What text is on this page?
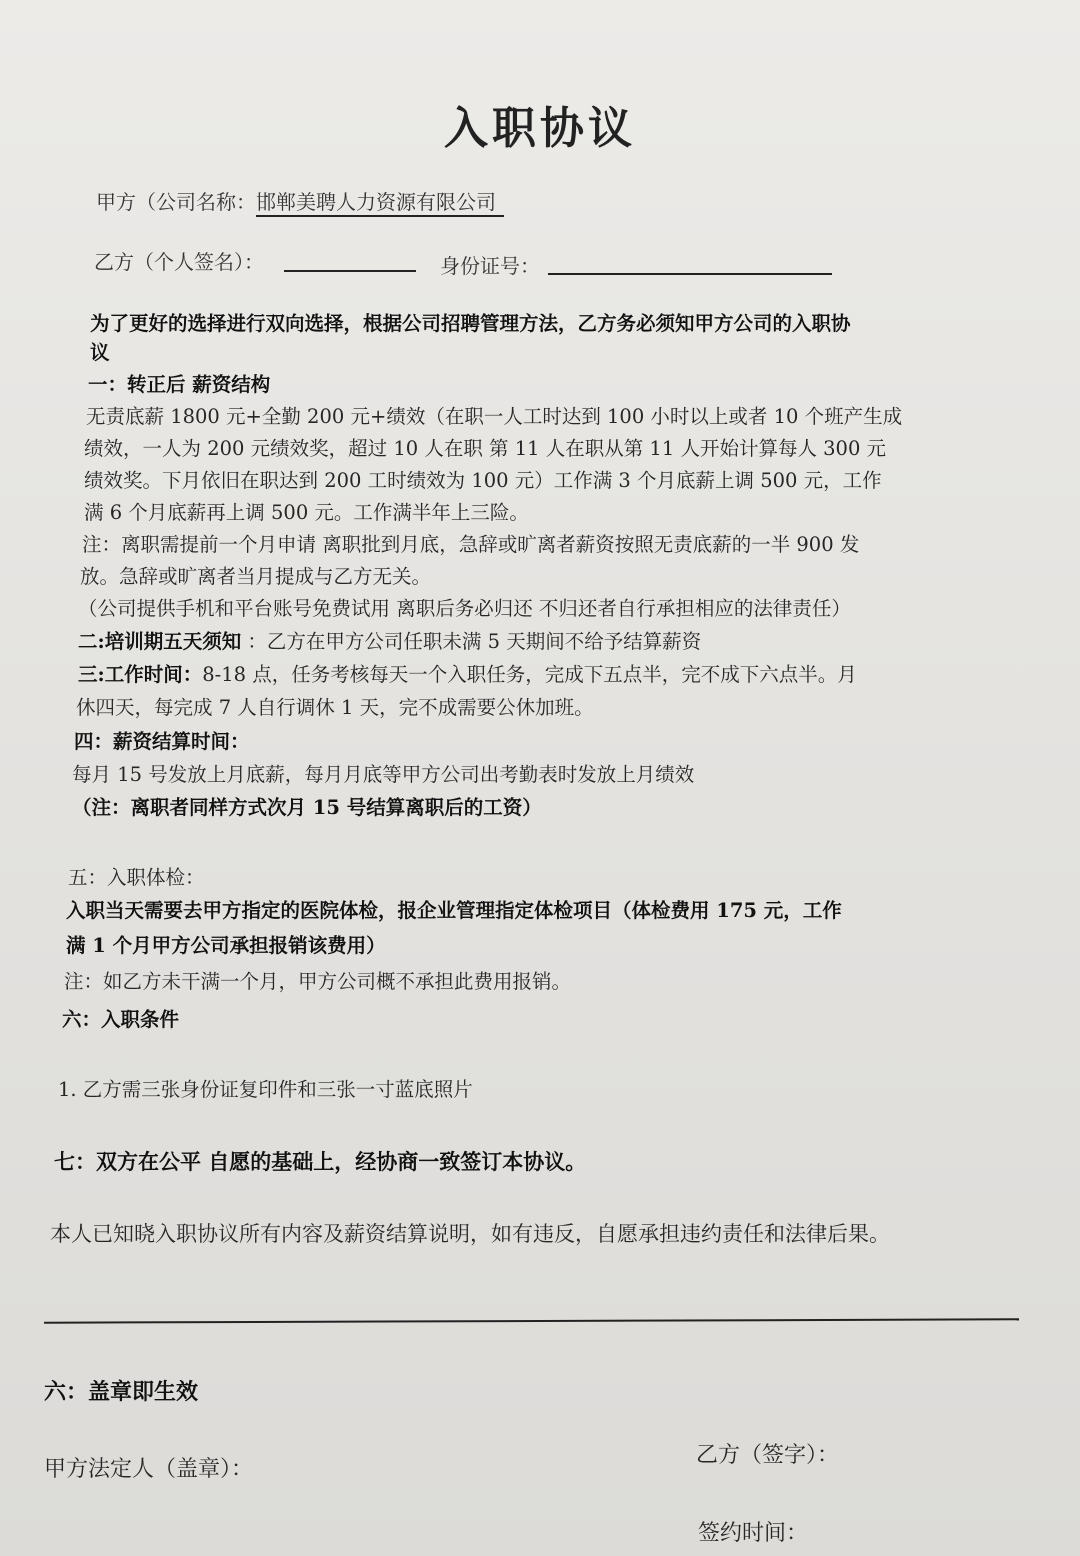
入职协议
甲方（公司名称：邯郸美聘人力资源有限公司
乙方（个人签名）：	身份证号：
为了更好的选择进行双向选择，根据公司招聘管理方法，乙方务必须知甲方公司的入职协
议
一：转正后 薪资结构
无责底薪 1800 元+全勤 200 元+绩效（在职一人工时达到 100 小时以上或者 10 个班产生成
绩效，一人为 200 元绩效奖，超过 10 人在职 第 11 人在职从第 11 人开始计算每人 300 元
绩效奖。下月依旧在职达到 200 工时绩效为 100 元）工作满 3 个月底薪上调 500 元，工作
满 6 个月底薪再上调 500 元。工作满半年上三险。
注：离职需提前一个月申请 离职批到月底，急辞或旷离者薪资按照无责底薪的一半 900 发
放。急辞或旷离者当月提成与乙方无关。
（公司提供手机和平台账号免费试用 离职后务必归还 不归还者自行承担相应的法律责任）
二:培训期五天须知 ：乙方在甲方公司任职未满 5 天期间不给予结算薪资
三:工作时间：8-18 点，任务考核每天一个入职任务，完成下五点半，完不成下六点半。月
休四天，每完成 7 人自行调休 1 天，完不成需要公休加班。
四：薪资结算时间：
每月 15 号发放上月底薪，每月月底等甲方公司出考勤表时发放上月绩效
（注：离职者同样方式次月 15 号结算离职后的工资）
五：入职体检：
入职当天需要去甲方指定的医院体检，报企业管理指定体检项目（体检费用 175 元，工作
满 1 个月甲方公司承担报销该费用）
注：如乙方未干满一个月，甲方公司概不承担此费用报销。
六：入职条件
1. 乙方需三张身份证复印件和三张一寸蓝底照片
七：双方在公平 自愿的基础上，经协商一致签订本协议。
本人已知晓入职协议所有内容及薪资结算说明，如有违反，自愿承担违约责任和法律后果。
六：盖章即生效
甲方法定人（盖章）：
乙方（签字）：
签约时间：
